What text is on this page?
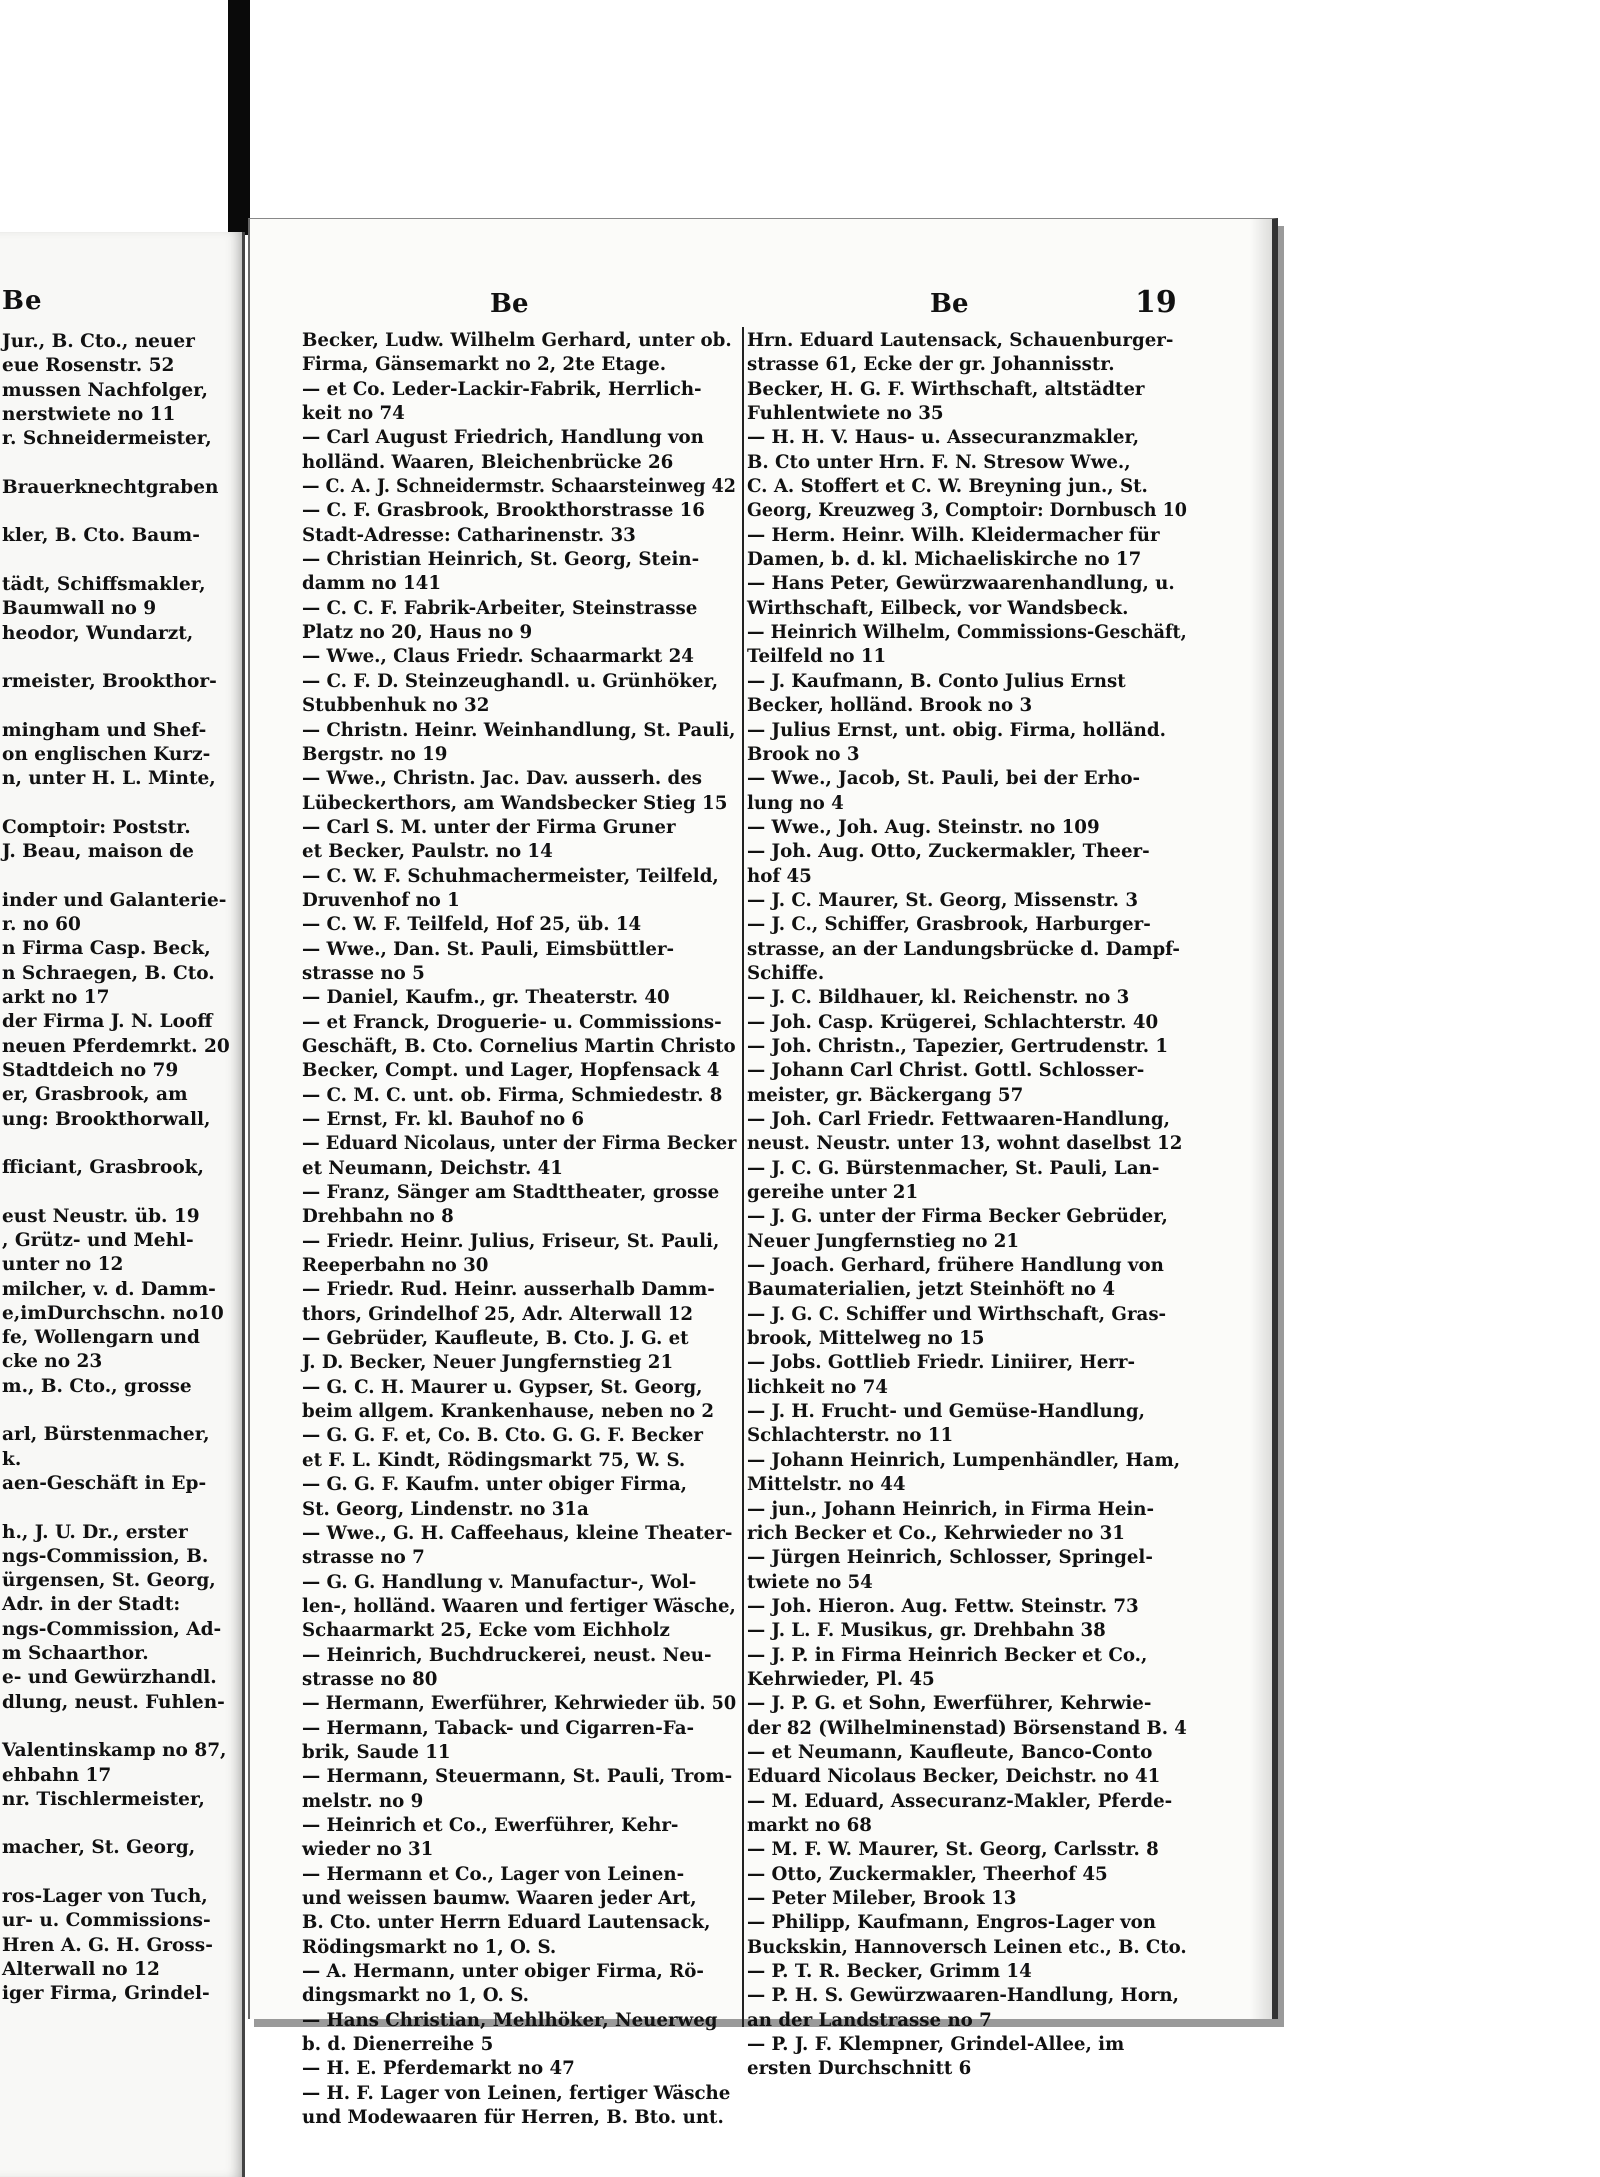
Be
Jur., B. Cto., neuer
eue Rosenstr. 52
mussen Nachfolger,
nerstwiete no 11
r. Schneidermeister,
Brauerknechtgraben
kler, B. Cto. Baum-
tädt, Schiffsmakler,
Baumwall no 9
heodor, Wundarzt,
rmeister, Brookthor-
mingham und Shef-
on englischen Kurz-
n, unter H. L. Minte,
Comptoir: Poststr.
J. Beau, maison de
inder und Galanterie-
r. no 60
n Firma Casp. Beck,
n Schraegen, B. Cto.
arkt no 17
der Firma J. N. Looff
neuen Pferdemrkt. 20
Stadtdeich no 79
er, Grasbrook, am
ung: Brookthorwall,
fficiant, Grasbrook,
eust Neustr. üb. 19
, Grütz- und Mehl-
unter no 12
milcher, v. d. Damm-
e,imDurchschn. no10
fe, Wollengarn und
cke no 23
m., B. Cto., grosse
arl, Bürstenmacher,
k.
aen-Geschäft in Ep-
h., J. U. Dr., erster
ngs-Commission, B.
ürgensen, St. Georg,
Adr. in der Stadt:
ngs-Commission, Ad-
m Schaarthor.
e- und Gewürzhandl.
dlung, neust. Fuhlen-
Valentinskamp no 87,
ehbahn 17
nr. Tischlermeister,
macher, St. Georg,
ros-Lager von Tuch,
ur- u. Commissions-
Hren A. G. H. Gross-
Alterwall no 12
iger Firma, Grindel-
Be	Be	19
Becker, Ludw. Wilhelm Gerhard, unter ob.
Firma, Gänsemarkt no 2, 2te Etage.
— et Co. Leder-Lackir-Fabrik, Herrlich-
keit no 74
— Carl August Friedrich, Handlung von
holländ. Waaren, Bleichenbrücke 26
— C. A. J. Schneidermstr. Schaarsteinweg 42
— C. F. Grasbrook, Brookthorstrasse 16
Stadt-Adresse: Catharinenstr. 33
— Christian Heinrich, St. Georg, Stein-
damm no 141
— C. C. F. Fabrik-Arbeiter, Steinstrasse
Platz no 20, Haus no 9
— Wwe., Claus Friedr. Schaarmarkt 24
— C. F. D. Steinzeughandl. u. Grünhöker,
Stubbenhuk no 32
— Christn. Heinr. Weinhandlung, St. Pauli,
Bergstr. no 19
— Wwe., Christn. Jac. Dav. ausserh. des
Lübeckerthors, am Wandsbecker Stieg 15
— Carl S. M. unter der Firma Gruner
et Becker, Paulstr. no 14
— C. W. F. Schuhmachermeister, Teilfeld,
Druvenhof no 1
— C. W. F. Teilfeld, Hof 25, üb. 14
— Wwe., Dan. St. Pauli, Eimsbüttler-
strasse no 5
— Daniel, Kaufm., gr. Theaterstr. 40
— et Franck, Droguerie- u. Commissions-
Geschäft, B. Cto. Cornelius Martin Christo
Becker, Compt. und Lager, Hopfensack 4
— C. M. C. unt. ob. Firma, Schmiedestr. 8
— Ernst, Fr. kl. Bauhof no 6
— Eduard Nicolaus, unter der Firma Becker
et Neumann, Deichstr. 41
— Franz, Sänger am Stadttheater, grosse
Drehbahn no 8
— Friedr. Heinr. Julius, Friseur, St. Pauli,
Reeperbahn no 30
— Friedr. Rud. Heinr. ausserhalb Damm-
thors, Grindelhof 25, Adr. Alterwall 12
— Gebrüder, Kaufleute, B. Cto. J. G. et
J. D. Becker, Neuer Jungfernstieg 21
— G. C. H. Maurer u. Gypser, St. Georg,
beim allgem. Krankenhause, neben no 2
— G. G. F. et, Co. B. Cto. G. G. F. Becker
et F. L. Kindt, Rödingsmarkt 75, W. S.
— G. G. F. Kaufm. unter obiger Firma,
St. Georg, Lindenstr. no 31a
— Wwe., G. H. Caffeehaus, kleine Theater-
strasse no 7
— G. G. Handlung v. Manufactur-, Wol-
len-, holländ. Waaren und fertiger Wäsche,
Schaarmarkt 25, Ecke vom Eichholz
— Heinrich, Buchdruckerei, neust. Neu-
strasse no 80
— Hermann, Ewerführer, Kehrwieder üb. 50
— Hermann, Taback- und Cigarren-Fa-
brik, Saude 11
— Hermann, Steuermann, St. Pauli, Trom-
melstr. no 9
— Heinrich et Co., Ewerführer, Kehr-
wieder no 31
— Hermann et Co., Lager von Leinen-
und weissen baumw. Waaren jeder Art,
B. Cto. unter Herrn Eduard Lautensack,
Rödingsmarkt no 1, O. S.
— A. Hermann, unter obiger Firma, Rö-
dingsmarkt no 1, O. S.
— Hans Christian, Mehlhöker, Neuerweg
b. d. Dienerreihe 5
— H. E. Pferdemarkt no 47
— H. F. Lager von Leinen, fertiger Wäsche
und Modewaaren für Herren, B. Bto. unt.
Hrn. Eduard Lautensack, Schauenburger-
strasse 61, Ecke der gr. Johannisstr.
Becker, H. G. F. Wirthschaft, altstädter
Fuhlentwiete no 35
— H. H. V. Haus- u. Assecuranzmakler,
B. Cto unter Hrn. F. N. Stresow Wwe.,
C. A. Stoffert et C. W. Breyning jun., St.
Georg, Kreuzweg 3, Comptoir: Dornbusch 10
— Herm. Heinr. Wilh. Kleidermacher für
Damen, b. d. kl. Michaeliskirche no 17
— Hans Peter, Gewürzwaarenhandlung, u.
Wirthschaft, Eilbeck, vor Wandsbeck.
— Heinrich Wilhelm, Commissions-Geschäft,
Teilfeld no 11
— J. Kaufmann, B. Conto Julius Ernst
Becker, holländ. Brook no 3
— Julius Ernst, unt. obig. Firma, holländ.
Brook no 3
— Wwe., Jacob, St. Pauli, bei der Erho-
lung no 4
— Wwe., Joh. Aug. Steinstr. no 109
— Joh. Aug. Otto, Zuckermakler, Theer-
hof 45
— J. C. Maurer, St. Georg, Missenstr. 3
— J. C., Schiffer, Grasbrook, Harburger-
strasse, an der Landungsbrücke d. Dampf-
Schiffe.
— J. C. Bildhauer, kl. Reichenstr. no 3
— Joh. Casp. Krügerei, Schlachterstr. 40
— Joh. Christn., Tapezier, Gertrudenstr. 1
— Johann Carl Christ. Gottl. Schlosser-
meister, gr. Bäckergang 57
— Joh. Carl Friedr. Fettwaaren-Handlung,
neust. Neustr. unter 13, wohnt daselbst 12
— J. C. G. Bürstenmacher, St. Pauli, Lan-
gereihe unter 21
— J. G. unter der Firma Becker Gebrüder,
Neuer Jungfernstieg no 21
— Joach. Gerhard, frühere Handlung von
Baumaterialien, jetzt Steinhöft no 4
— J. G. C. Schiffer und Wirthschaft, Gras-
brook, Mittelweg no 15
— Jobs. Gottlieb Friedr. Liniirer, Herr-
lichkeit no 74
— J. H. Frucht- und Gemüse-Handlung,
Schlachterstr. no 11
— Johann Heinrich, Lumpenhändler, Ham,
Mittelstr. no 44
— jun., Johann Heinrich, in Firma Hein-
rich Becker et Co., Kehrwieder no 31
— Jürgen Heinrich, Schlosser, Springel-
twiete no 54
— Joh. Hieron. Aug. Fettw. Steinstr. 73
— J. L. F. Musikus, gr. Drehbahn 38
— J. P. in Firma Heinrich Becker et Co.,
Kehrwieder, Pl. 45
— J. P. G. et Sohn, Ewerführer, Kehrwie-
der 82 (Wilhelminenstad) Börsenstand B. 4
— et Neumann, Kaufleute, Banco-Conto
Eduard Nicolaus Becker, Deichstr. no 41
— M. Eduard, Assecuranz-Makler, Pferde-
markt no 68
— M. F. W. Maurer, St. Georg, Carlsstr. 8
— Otto, Zuckermakler, Theerhof 45
— Peter Mileber, Brook 13
— Philipp, Kaufmann, Engros-Lager von
Buckskin, Hannoversch Leinen etc., B. Cto.
— P. T. R. Becker, Grimm 14
— P. H. S. Gewürzwaaren-Handlung, Horn,
an der Landstrasse no 7
— P. J. F. Klempner, Grindel-Allee, im
ersten Durchschnitt 6
